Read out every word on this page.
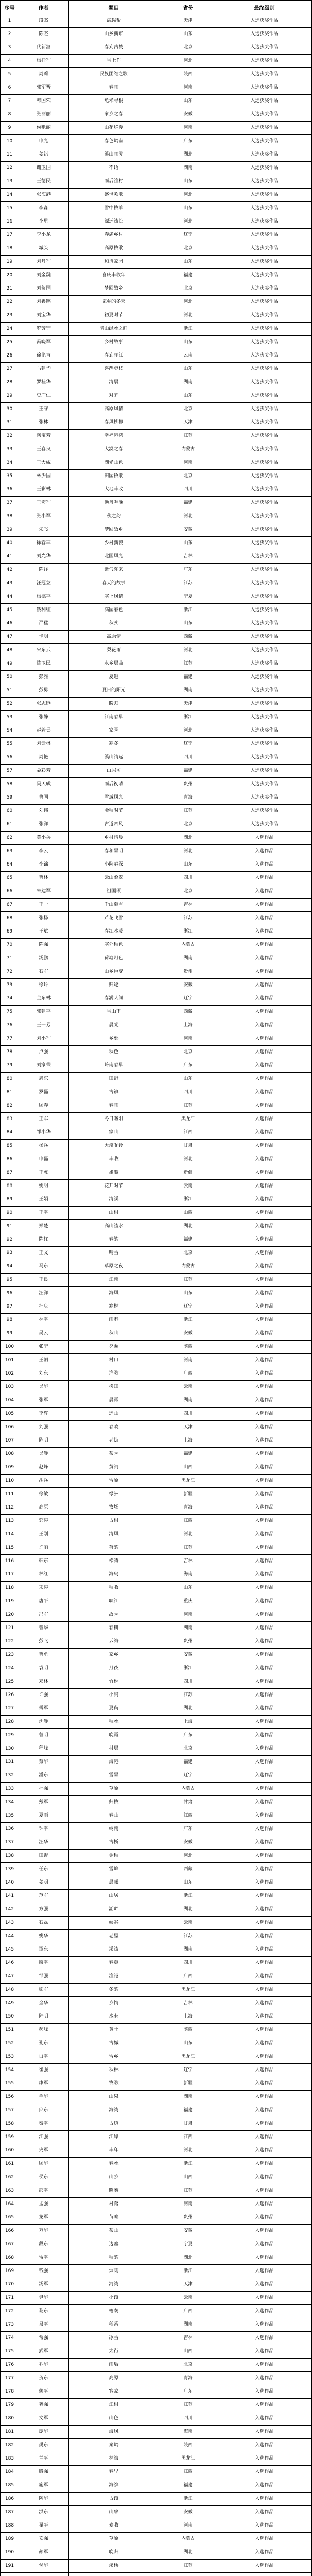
序号	作者	题目	省份	最终级别
1	段杰	满载帮	天津	入选获奖作品
2	陈杰	山乡新市	山东	入选获奖作品
3	代新富	春到古城	北京	入选获奖作品
4	杨桂军	雪上作	河北	入选获奖作品
5	周莉	民族团结之歌	陕西	入选获奖作品
6	郭军晋	春雨	河南	入选获奖作品
7	韩国荣	龟米寻根	山东	入选获奖作品
8	张丽丽	家乡之春	安徽	入选获奖作品
9	侯艳丽	山花烂漫	河南	入选获奖作品
10	申光	春色岭南	广东	入选获奖作品
11	姜祺	溪山雨霁	湖北	入选获奖作品
12	谢卫国	不语	湖南	入选获奖作品
13	王德民	雨后渔村	山东	入选获奖作品
14	张海港	盛世欢歌	河北	入选获奖作品
15	李森	雪中牧羊	山东	入选获奖作品
16	李勇	源远流长	河北	入选获奖作品
17	李小龙	春满乡村	辽宁	入选获奖作品
18	城头	高原牧歌	北京	入选获奖作品
19	刘丹军	和谐家园	山东	入选获奖作品
20	刘金魏	喜庆丰收年	福建	入选获奖作品
21	刘贺国	梦回故乡	北京	入选获奖作品
22	刘畏铭	家乡的冬天	河北	入选获奖作品
23	刘宝华	初夏时节	河北	入选获奖作品
24	罗芳宁	青山绿水之间	浙江	入选获奖作品
25	冯晓军	乡村故事	山东	入选获奖作品
26	徐艳青	春到丽江	云南	入选获奖作品
27	马建华	喜鹊登枝	山东	入选获奖作品
28	罗桂华	清晨	湖南	入选获奖作品
29	史广仁	对弈	山东	入选获奖作品
30	王守	高原风情	北京	入选获奖作品
31	张林	春风拂柳	天津	入选获奖作品
32	陶宝芳	幸福港湾	江苏	入选获奖作品
33	王春良	大漠之春	内蒙古	入选获奖作品
34	王大成	湖光山色	河南	入选获奖作品
35	林少国	田园牧歌	北京	入选获奖作品
36	王彩林	大地丰收	四川	入选获奖作品
37	王宏军	渔舟唱晚	福建	入选获奖作品
38	张小军	秋之韵	河北	入选获奖作品
39	朱飞	梦回故乡	安徽	入选获奖作品
40	徐春丰	乡村新貌	山东	入选获奖作品
41	刘光华	北国风光	吉林	入选获奖作品
42	陈祥	紫气东来	广东	入选获奖作品
43	汪冠立	春天的故事	江苏	入选获奖作品
44	杨德平	塞上风情	宁夏	入选获奖作品
45	钱利红	满园春色	浙江	入选获奖作品
46	严猛	秋实	山东	入选获奖作品
47	卡明	高原情	西藏	入选获奖作品
48	宋东云	梨花雨	河北	入选获奖作品
49	陈卫民	水乡晨曲	江苏	入选获奖作品
50	彭雅	夏趣	福建	入选获奖作品
51	彭勇	夏日的阳光	湖南	入选获奖作品
52	张志远	盼归	天津	入选获奖作品
53	张静	江南春早	浙江	入选获奖作品
54	赵若美	家园	河北	入选获奖作品
55	刘云林	寒冬	辽宁	入选获奖作品
56	周艳	溪山清远	四川	入选获奖作品
57	聂彩芳	山居图	福建	入选获奖作品
58	吴天成	雨后初晴	贵州	入选获奖作品
59	曹国	雪域风光	青海	入选获奖作品
60	刘伟	金秋时节	江苏	入选获奖作品
61	张洋	古道西风	北京	入选获奖作品
62	黄小兵	乡村清晨	湖北	入选作品
63	李云	春和景明	河北	入选作品
64	李锦	小院春深	山东	入选作品
65	曹林	云山叠翠	四川	入选作品
66	朱建军	祖国颂	北京	入选作品
67	王一	千山暮雪	吉林	入选作品
68	张杨	芦花飞雪	江苏	入选作品
69	王斌	春江水暖	浙江	入选作品
70	陈强	塞外秋色	内蒙古	入选作品
71	汤鹏	荷塘月色	湖南	入选作品
72	石军	山乡巨变	贵州	入选作品
73	徐玲	归途	安徽	入选作品
74	金东林	春满人间	辽宁	入选作品
75	郭建平	雪山下	西藏	入选作品
76	王一芳	晨光	上海	入选作品
77	刘小军	乡愁	河南	入选作品
78	卢强	秋色	北京	入选作品
79	刘家荣	岭南春早	广东	入选作品
80	周东	田野	山东	入选作品
81	罗磊	古镇	四川	入选作品
82	顾春	春雨	江苏	入选作品
83	王军	冬日暖阳	黑龙江	入选作品
84	邹小华	家山	江西	入选作品
85	杨兵	大漠驼铃	甘肃	入选作品
86	申磊	丰收	河北	入选作品
87	王虎	雄鹰	新疆	入选作品
88	姚明	花开时节	云南	入选作品
89	王娟	清溪	浙江	入选作品
90	王平	山村	山西	入选作品
91	郑楚	高山流水	湖北	入选作品
92	陈红	春韵	福建	入选作品
93	王文	晴雪	北京	入选作品
94	马东	草原之夜	内蒙古	入选作品
95	王良	江南	江苏	入选作品
96	汪洋	海风	山东	入选作品
97	杜庆	寒林	辽宁	入选作品
98	林平	雨巷	浙江	入选作品
99	吴云	秋山	安徽	入选作品
100	张宁	夕照	陕西	入选作品
101	王朝	村口	河南	入选作品
102	刘东	渔歌	广西	入选作品
103	吴华	梯田	云南	入选作品
104	张军	晨雾	湖南	入选作品
105	李辉	远山	四川	入选作品
106	刘强	春晓	天津	入选作品
107	陈明	老街	上海	入选作品
108	吴静	茶园	福建	入选作品
109	赵峰	黄河	山西	入选作品
110	胡兵	雪原	黑龙江	入选作品
111	徐敏	绿洲	新疆	入选作品
112	高原	牧场	青海	入选作品
113	郭涛	古村	江西	入选作品
114	王刚	清风	河北	入选作品
115	许丽	荷韵	江苏	入选作品
116	韩东	松涛	吉林	入选作品
117	林红	海岛	海南	入选作品
118	宋涛	秋收	山东	入选作品
119	唐平	峡江	重庆	入选作品
120	冯军	故园	河南	入选作品
121	曾华	春耕	湖南	入选作品
122	彭飞	云海	贵州	入选作品
123	曹勇	家乡	安徽	入选作品
124	袁明	月夜	浙江	入选作品
125	邓林	竹林	四川	入选作品
126	许强	小河	江苏	入选作品
127	傅军	夏荷	湖北	入选作品
128	沈静	秋水	上海	入选作品
129	曾明	晚霞	广东	入选作品
130	程峰	村晨	北京	入选作品
131	蔡华	海港	福建	入选作品
132	潘东	雪景	辽宁	入选作品
133	杜强	草原	内蒙古	入选作品
134	戴军	归牧	甘肃	入选作品
135	夏雨	春山	江西	入选作品
136	钟平	岭南	广东	入选作品
137	汪华	古桥	安徽	入选作品
138	田野	金秋	河北	入选作品
139	任东	雪峰	西藏	入选作品
140	姜明	晨曦	山东	入选作品
141	范军	山居	浙江	入选作品
142	方强	湖畔	湖北	入选作品
143	石磊	峡谷	云南	入选作品
144	姚华	老屋	江苏	入选作品
145	谭东	溪流	湖南	入选作品
146	廖平	春意	四川	入选作品
147	邹强	渔港	广西	入选作品
148	熊军	冬韵	黑龙江	入选作品
149	金华	乡情	吉林	入选作品
150	陆明	水巷	上海	入选作品
151	郝峰	黄土	陕西	入选作品
152	孔东	古城	山东	入选作品
153	白平	雪乡	黑龙江	入选作品
154	崔强	秋林	辽宁	入选作品
155	康军	牧歌	新疆	入选作品
156	毛华	山泉	湖南	入选作品
157	邱东	海湾	福建	入选作品
158	秦平	古道	甘肃	入选作品
159	江强	江岸	江西	入选作品
160	史军	丰年	河北	入选作品
161	顾华	春水	浙江	入选作品
162	侯东	山乡	山西	入选作品
163	邵平	晓雾	江苏	入选作品
164	孟强	村落	河南	入选作品
165	龙军	苗寨	贵州	入选作品
166	万华	茶山	安徽	入选作品
167	段东	边塞	宁夏	入选作品
168	雷平	秋韵	湖北	入选作品
169	钱强	烟雨	浙江	入选作品
170	汤军	河湾	天津	入选作品
171	尹华	小镇	云南	入选作品
172	黎东	榕荫	广西	入选作品
173	易平	稻香	湖南	入选作品
174	常强	冰雪	吉林	入选作品
175	武军	太行	山西	入选作品
176	乔华	雨后	北京	入选作品
177	贺东	高原	青海	入选作品
178	赖平	客家	广东	入选作品
179	龚强	江村	江苏	入选作品
180	文军	山色	四川	入选作品
181	庞华	海风	海南	入选作品
182	樊东	秦岭	陕西	入选作品
183	兰平	林海	黑龙江	入选作品
184	殷强	春早	江西	入选作品
185	施军	海滨	福建	入选作品
186	陶华	古镇	浙江	入选作品
187	洪东	山泉	安徽	入选作品
188	翟平	麦收	河南	入选作品
189	安强	草原	内蒙古	入选作品
190	颜军	晚归	湖北	入选作品
191	倪华	溪桥	江苏	入选作品
